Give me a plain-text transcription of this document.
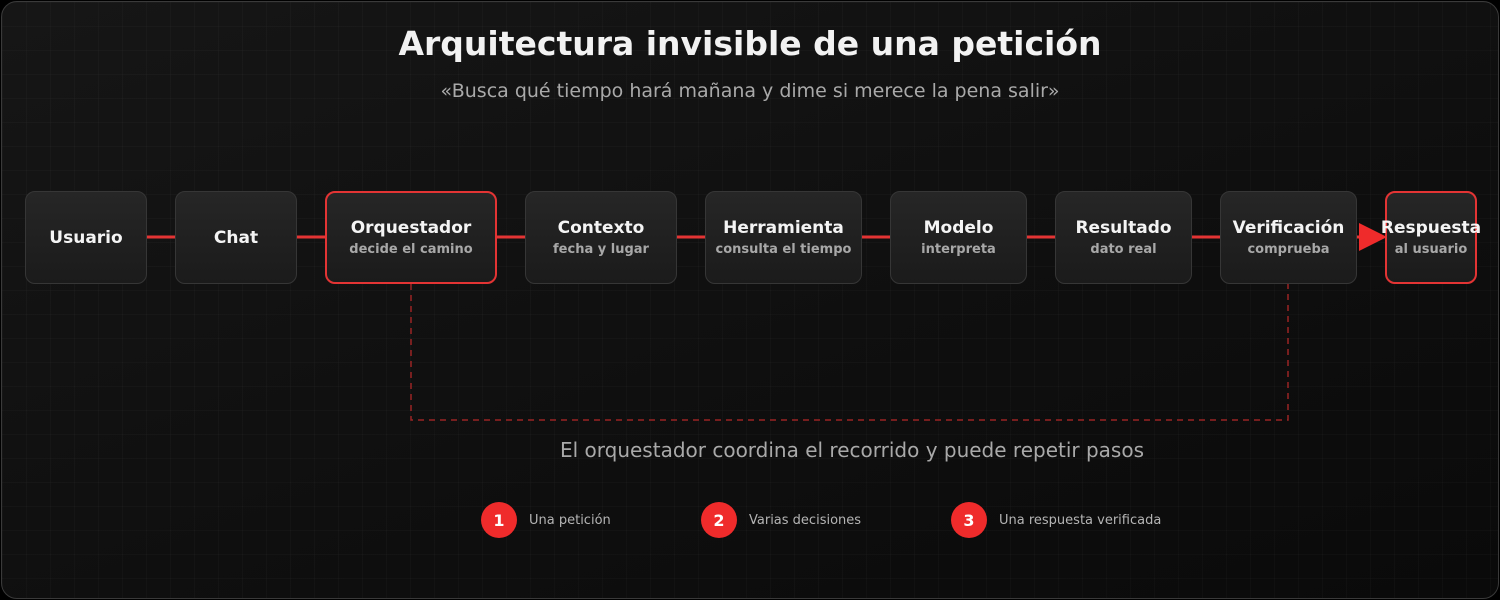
Arquitectura invisible de una petición
«Busca qué tiempo hará mañana y dime si merece la pena salir»
Usuario	Chat	Orquestador
decide el camino
Contexto
fecha y lugar
Herramienta
consulta el tiempo
Modelo
interpreta
Resultado
dato real
Verificación
comprueba
Respuesta
al usuario
El orquestador coordina el recorrido y puede repetir pasos
1	Una petición	2	Varias decisiones	3	Una respuesta verificada
